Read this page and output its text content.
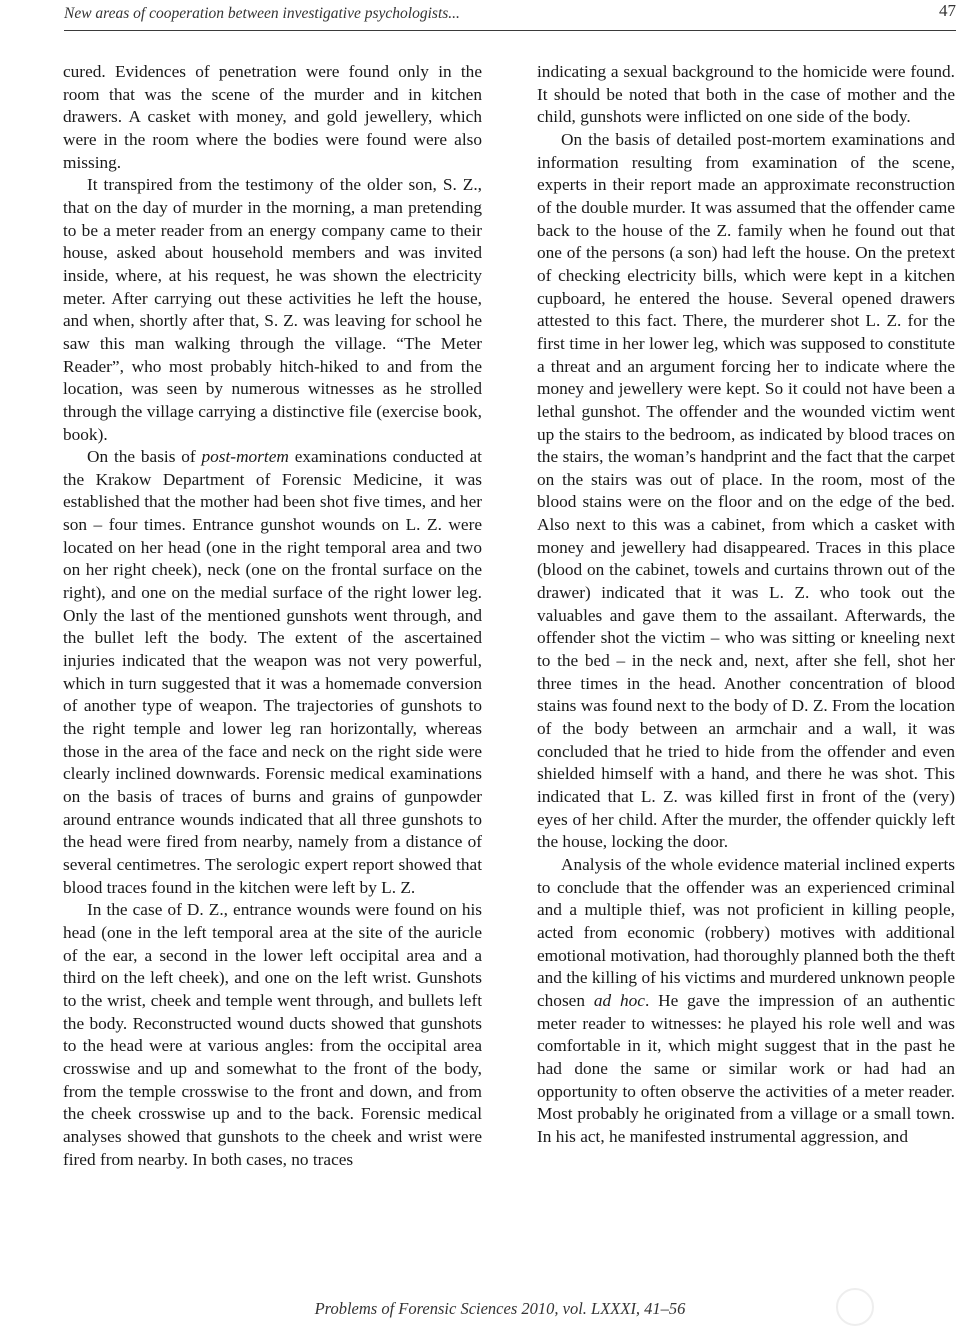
New areas of cooperation between investigative psychologists...	47

cured. Evidences of penetration were found only in the room that was the scene of the murder and in kitchen drawers. A casket with money, and gold jewellery, which were in the room where the bodies were found were also missing.

It transpired from the testimony of the older son, S. Z., that on the day of murder in the morning, a man pretending to be a meter reader from an energy company came to their house, asked about household members and was invited inside, where, at his request, he was shown the electricity meter. After carrying out these activities he left the house, and when, shortly after that, S. Z. was leaving for school he saw this man walking through the village. “The Meter Reader”, who most probably hitch-hiked to and from the location, was seen by numerous witnesses as he strolled through the village carrying a distinctive file (exercise book, book).

On the basis of post-mortem examinations conducted at the Krakow Department of Forensic Medicine, it was established that the mother had been shot five times, and her son – four times. Entrance gunshot wounds on L. Z. were located on her head (one in the right temporal area and two on her right cheek), neck (one on the frontal surface on the right), and one on the medial surface of the right lower leg. Only the last of the mentioned gunshots went through, and the bullet left the body. The extent of the ascertained injuries indicated that the weapon was not very powerful, which in turn suggested that it was a homemade conversion of another type of weapon. The trajectories of gunshots to the right temple and lower leg ran horizontally, whereas those in the area of the face and neck on the right side were clearly inclined downwards. Forensic medical examinations on the basis of traces of burns and grains of gunpowder around entrance wounds indicated that all three gunshots to the head were fired from nearby, namely from a distance of several centimetres. The serologic expert report showed that blood traces found in the kitchen were left by L. Z.

In the case of D. Z., entrance wounds were found on his head (one in the left temporal area at the site of the auricle of the ear, a second in the lower left occipital area and a third on the left cheek), and one on the left wrist. Gunshots to the wrist, cheek and temple went through, and bullets left the body. Reconstructed wound ducts showed that gunshots to the head were at various angles: from the occipital area crosswise and up and somewhat to the front of the body, from the temple crosswise to the front and down, and from the cheek crosswise up and to the back. Forensic medical analyses showed that gunshots to the cheek and wrist were fired from nearby. In both cases, no traces

indicating a sexual background to the homicide were found. It should be noted that both in the case of mother and the child, gunshots were inflicted on one side of the body.

On the basis of detailed post-mortem examinations and information resulting from examination of the scene, experts in their report made an approximate reconstruction of the double murder. It was assumed that the offender came back to the house of the Z. family when he found out that one of the persons (a son) had left the house. On the pretext of checking electricity bills, which were kept in a kitchen cupboard, he entered the house. Several opened drawers attested to this fact. There, the murderer shot L. Z. for the first time in her lower leg, which was supposed to constitute a threat and an argument forcing her to indicate where the money and jewellery were kept. So it could not have been a lethal gunshot. The offender and the wounded victim went up the stairs to the bedroom, as indicated by blood traces on the stairs, the woman’s handprint and the fact that the carpet on the stairs was out of place. In the room, most of the blood stains were on the floor and on the edge of the bed. Also next to this was a cabinet, from which a casket with money and jewellery had disappeared. Traces in this place (blood on the cabinet, towels and curtains thrown out of the drawer) indicated that it was L. Z. who took out the valuables and gave them to the assailant. Afterwards, the offender shot the victim – who was sitting or kneeling next to the bed – in the neck and, next, after she fell, shot her three times in the head. Another concentration of blood stains was found next to the body of D. Z. From the location of the body between an armchair and a wall, it was concluded that he tried to hide from the offender and even shielded himself with a hand, and there he was shot. This indicated that L. Z. was killed first in front of the (very) eyes of her child. After the murder, the offender quickly left the house, locking the door.

Analysis of the whole evidence material inclined experts to conclude that the offender was an experienced criminal and a multiple thief, was not proficient in killing people, acted from economic (robbery) motives with additional emotional motivation, had thoroughly planned both the theft and the killing of his victims and murdered unknown people chosen ad hoc. He gave the impression of an authentic meter reader to witnesses: he played his role well and was comfortable in it, which might suggest that in the past he had done the same or similar work or had had an opportunity to often observe the activities of a meter reader. Most probably he originated from a village or a small town. In his act, he manifested instrumental aggression, and

Problems of Forensic Sciences 2010, vol. LXXXI, 41–56
